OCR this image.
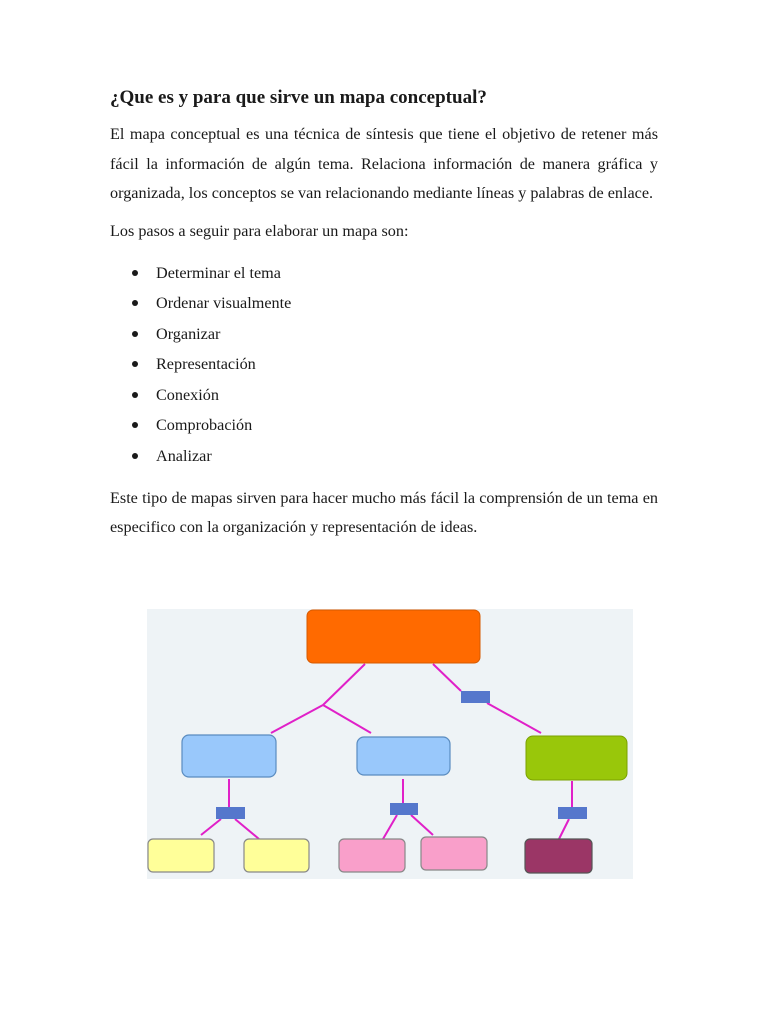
¿Que es y para que sirve un mapa conceptual?

El mapa conceptual es una técnica de síntesis que tiene el objetivo de retener más fácil la información de algún tema. Relaciona información de manera gráfica y organizada, los conceptos se van relacionando mediante líneas y palabras de enlace.

Los pasos a seguir para elaborar un mapa son:

Determinar el tema
Ordenar visualmente
Organizar
Representación
Conexión
Comprobación
Analizar

Este tipo de mapas sirven para hacer mucho más fácil la comprensión de un tema en especifico con la organización y representación de ideas.
